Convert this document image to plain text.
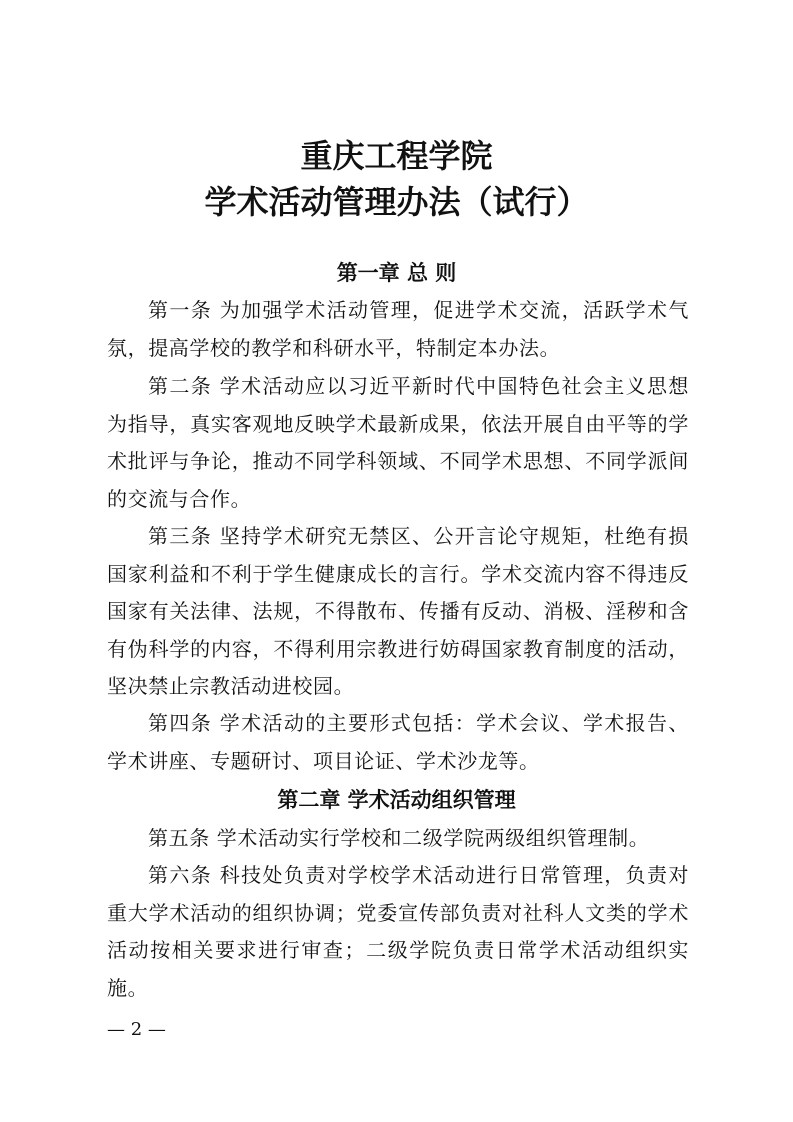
重庆工程学院
学术活动管理办法（试行）
第一章 总 则

第一条 为加强学术活动管理，促进学术交流，活跃学术气氛，提高学校的教学和科研水平，特制定本办法。

第二条 学术活动应以习近平新时代中国特色社会主义思想为指导，真实客观地反映学术最新成果，依法开展自由平等的学术批评与争论，推动不同学科领域、不同学术思想、不同学派间的交流与合作。

第三条 坚持学术研究无禁区、公开言论守规矩，杜绝有损国家利益和不利于学生健康成长的言行。学术交流内容不得违反国家有关法律、法规，不得散布、传播有反动、消极、淫秽和含有伪科学的内容，不得利用宗教进行妨碍国家教育制度的活动，坚决禁止宗教活动进校园。

第四条 学术活动的主要形式包括：学术会议、学术报告、学术讲座、专题研讨、项目论证、学术沙龙等。

第二章 学术活动组织管理

第五条 学术活动实行学校和二级学院两级组织管理制。

第六条 科技处负责对学校学术活动进行日常管理，负责对重大学术活动的组织协调；党委宣传部负责对社科人文类的学术活动按相关要求进行审查；二级学院负责日常学术活动组织实施。

— 2 —
